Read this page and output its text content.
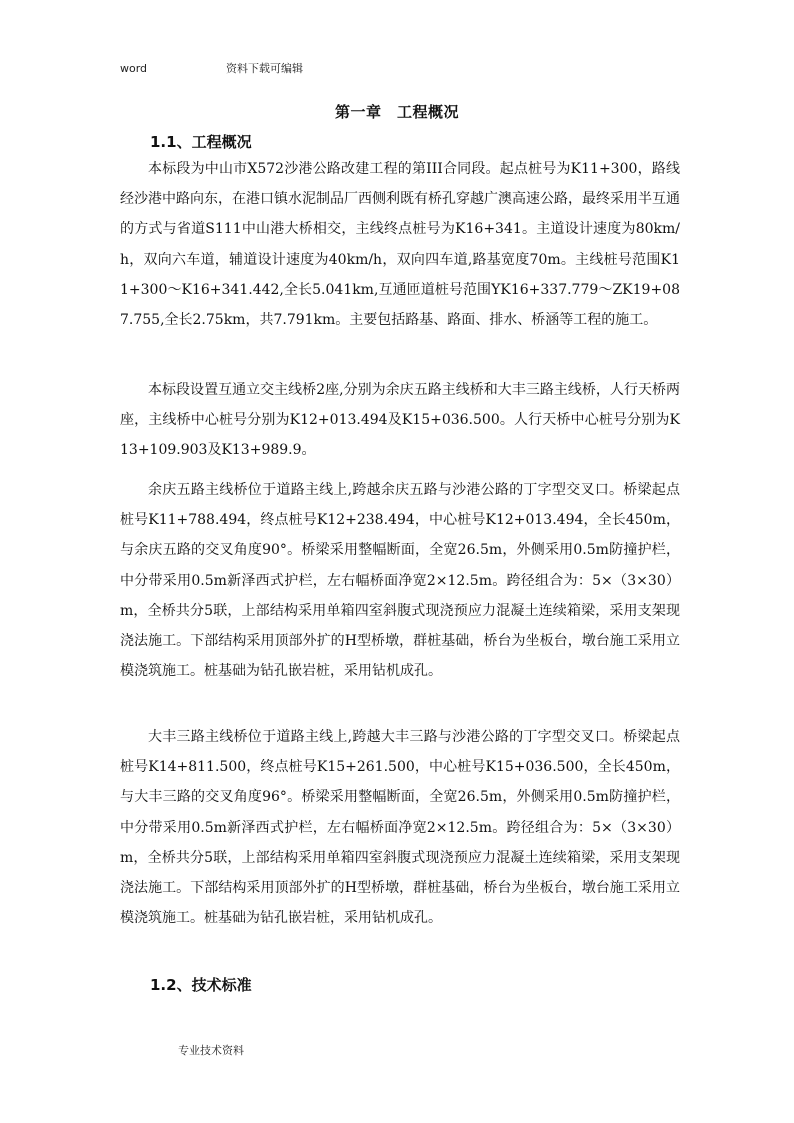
word	资料下载可编辑
第一章　工程概况
1.1、工程概况

本标段为中山市X572沙港公路改建工程的第III合同段。起点桩号为K11+300，路线经沙港中路向东，在港口镇水泥制品厂西侧利既有桥孔穿越广澳高速公路，最终采用半互通的方式与省道S111中山港大桥相交，主线终点桩号为K16+341。主道设计速度为80km/h，双向六车道，辅道设计速度为40km/h，双向四车道,路基宽度70m。主线桩号范围K11+300～K16+341.442,全长5.041km,互通匝道桩号范围YK16+337.779～ZK19+087.755,全长2.75km，共7.791km。主要包括路基、路面、排水、桥涵等工程的施工。

本标段设置互通立交主线桥2座,分别为余庆五路主线桥和大丰三路主线桥，人行天桥两座，主线桥中心桩号分别为K12+013.494及K15+036.500。人行天桥中心桩号分别为K13+109.903及K13+989.9。

余庆五路主线桥位于道路主线上,跨越余庆五路与沙港公路的丁字型交叉口。桥梁起点桩号K11+788.494，终点桩号K12+238.494，中心桩号K12+013.494，全长450m，与余庆五路的交叉角度90°。桥梁采用整幅断面，全宽26.5m，外侧采用0.5m防撞护栏，中分带采用0.5m新泽西式护栏，左右幅桥面净宽2×12.5m。跨径组合为：5×（3×30）m，全桥共分5联，上部结构采用单箱四室斜腹式现浇预应力混凝土连续箱梁，采用支架现浇法施工。下部结构采用顶部外扩的H型桥墩，群桩基础，桥台为坐板台，墩台施工采用立模浇筑施工。桩基础为钻孔嵌岩桩，采用钻机成孔。

大丰三路主线桥位于道路主线上,跨越大丰三路与沙港公路的丁字型交叉口。桥梁起点桩号K14+811.500，终点桩号K15+261.500，中心桩号K15+036.500，全长450m，与大丰三路的交叉角度96°。桥梁采用整幅断面，全宽26.5m，外侧采用0.5m防撞护栏，中分带采用0.5m新泽西式护栏，左右幅桥面净宽2×12.5m。跨径组合为：5×（3×30）m，全桥共分5联，上部结构采用单箱四室斜腹式现浇预应力混凝土连续箱梁，采用支架现浇法施工。下部结构采用顶部外扩的H型桥墩，群桩基础，桥台为坐板台，墩台施工采用立模浇筑施工。桩基础为钻孔嵌岩桩，采用钻机成孔。

1.2、技术标准
专业技术资料
